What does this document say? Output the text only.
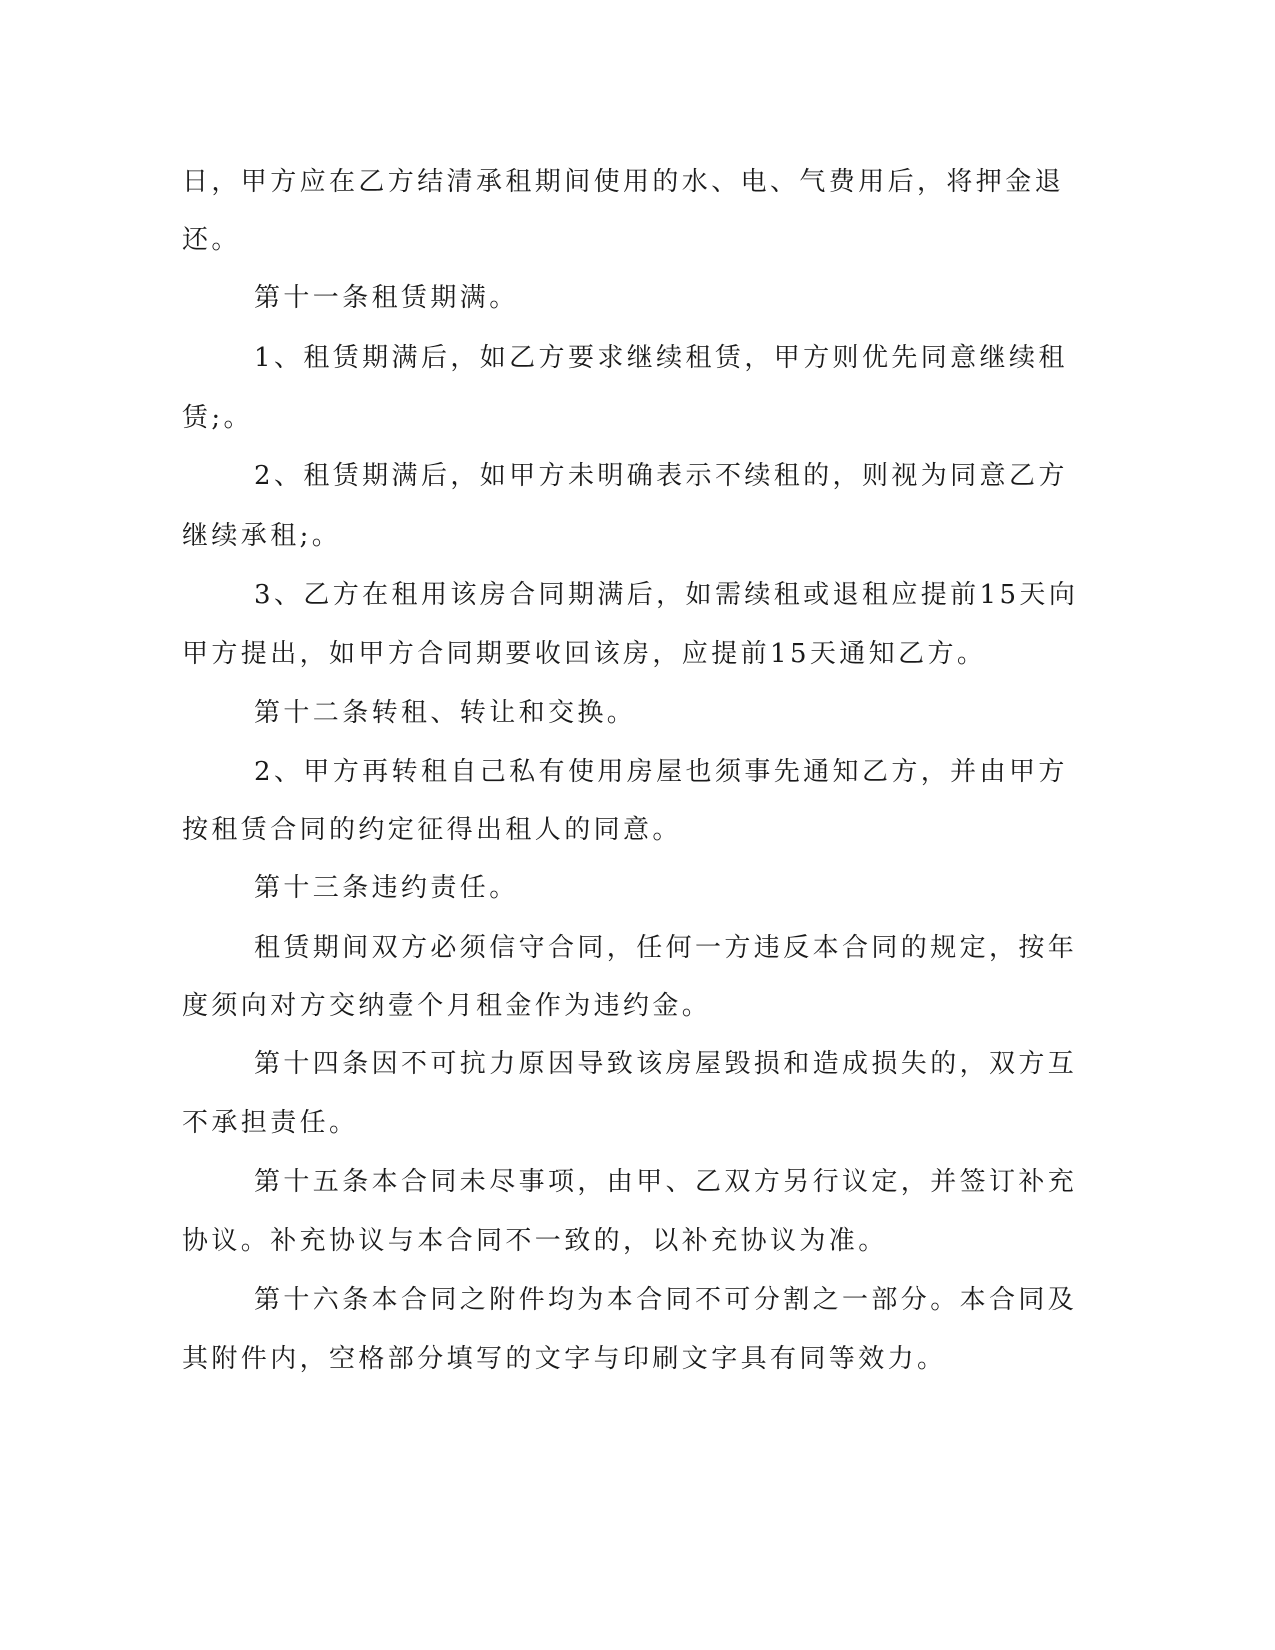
日，甲方应在乙方结清承租期间使用的水、电、气费用后，将押金退
还。
第十一条租赁期满。
1、租赁期满后，如乙方要求继续租赁，甲方则优先同意继续租
赁;。
2、租赁期满后，如甲方未明确表示不续租的，则视为同意乙方
继续承租;。
3、乙方在租用该房合同期满后，如需续租或退租应提前15天向
甲方提出，如甲方合同期要收回该房，应提前15天通知乙方。
第十二条转租、转让和交换。
2、甲方再转租自己私有使用房屋也须事先通知乙方，并由甲方
按租赁合同的约定征得出租人的同意。
第十三条违约责任。
租赁期间双方必须信守合同，任何一方违反本合同的规定，按年
度须向对方交纳壹个月租金作为违约金。
第十四条因不可抗力原因导致该房屋毁损和造成损失的，双方互
不承担责任。
第十五条本合同未尽事项，由甲、乙双方另行议定，并签订补充
协议。补充协议与本合同不一致的，以补充协议为准。
第十六条本合同之附件均为本合同不可分割之一部分。本合同及
其附件内，空格部分填写的文字与印刷文字具有同等效力。
